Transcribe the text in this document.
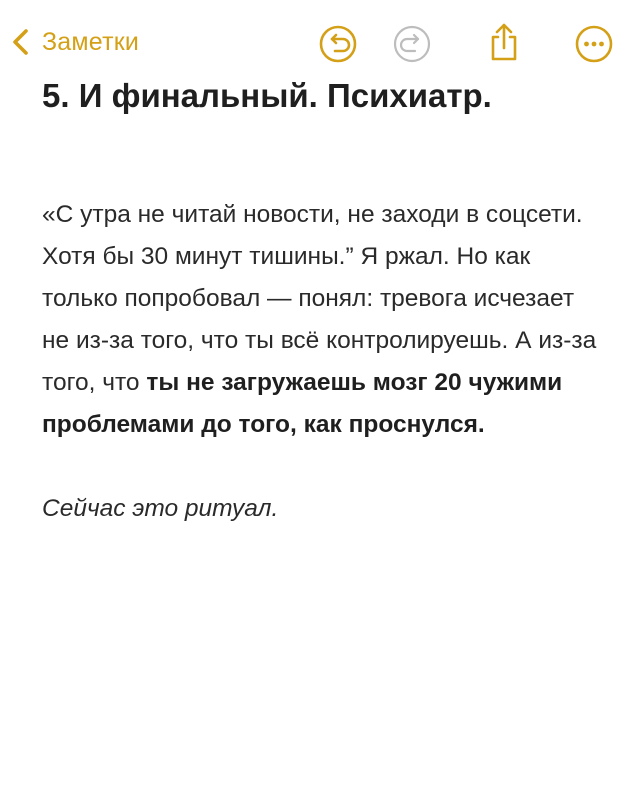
Заметки
5. И финальный. Психиатр.
«С утра не читай новости, не заходи в соцсети. Хотя бы 30 минут тишины.” Я ржал. Но как только попробовал — понял: тревога исчезает не из-за того, что ты всё контролируешь. А из-за того, что ты не загружаешь мозг 20 чужими проблемами до того, как проснулся.
Сейчас это ритуал.
